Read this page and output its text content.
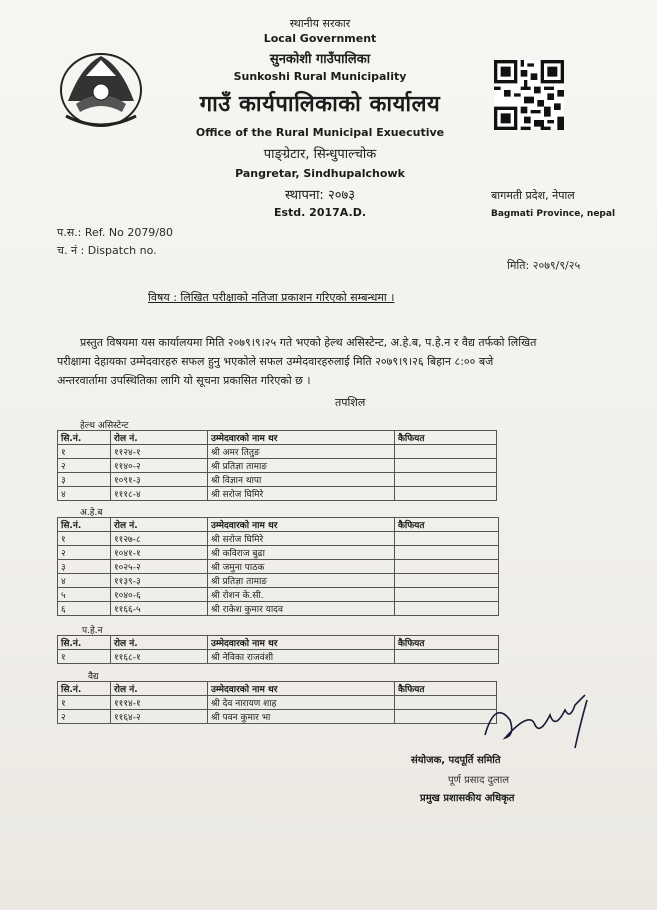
स्थानीय सरकार
Local Government
सुनकोशी गाउँपालिका
Sunkoshi Rural Municipality
गाउँ कार्यपालिकाको कार्यालय
Office of the Rural Municipal Exuecutive
पाङ्ग्रेटार, सिन्धुपाल्चोक
Pangretar, Sindhupalchowk
स्थापना: २०७३
Estd. 2017A.D.
बागमती प्रदेश, नेपाल
Bagmati Province, nepal
प.स.: Ref. No 2079/80
च. नं : Dispatch no.
मिति: २०७९/९/२५
विषय : लिखित परीक्षाको नतिजा प्रकाशन गरिएको सम्बन्धमा ।
प्रस्तुत विषयमा यस कार्यालयमा मिति २०७९।९।२५ गते भएको हेल्थ असिस्टेन्ट, अ.हे.ब, प.हे.न र वैद्य तर्फको लिखित
परीक्षामा देहायका उम्मेदवारहरु सफल हुनु भएकोले सफल उम्मेदवारहरुलाई मिति २०७९।९।२६ बिहान ८:०० बजे
अन्तरवार्तामा उपस्थितिका लागि यो सूचना प्रकासित गरिएको छ ।
तपशिल
हेल्थ असिस्टेन्ट
सि.नं.	रोल नं.	उम्मेदवारको नाम थर	कैफियत
१	११२४-१	श्री अमर तितुङ	
२	११४०-२	श्री प्रतिज्ञा तामाङ	
३	१०९१-३	श्री विज्ञान थापा	
४	१११८-४	श्री सरोज घिमिरे	
अ.हे.ब
सि.नं.	रोल नं.	उम्मेदवारको नाम थर	कैफियत
१	११२७-८	श्री सरोज घिमिरे	
२	१०४१-१	श्री कविराज बुढा	
३	१०२५-२	श्री जमुना पाठक	
४	११३९-३	श्री प्रतिज्ञा तामाङ	
५	१०४०-६	श्री रोशन के.सी.	
६	११६६-५	श्री राकेश कुमार यादव	
प.हे.न
सि.नं.	रोल नं.	उम्मेदवारको नाम थर	कैफियत
१	११६८-१	श्री नेविका राजवंशी	
वैद्य
सि.नं.	रोल नं.	उम्मेदवारको नाम थर	कैफियत
१	१११४-१	श्री देव नारायण शाह	
२	११६४-२	श्री पवन कुमार भा	
संयोजक, पदपूर्ति समिति
पूर्ण प्रसाद दुलाल
प्रमुख प्रशासकीय अधिकृत
